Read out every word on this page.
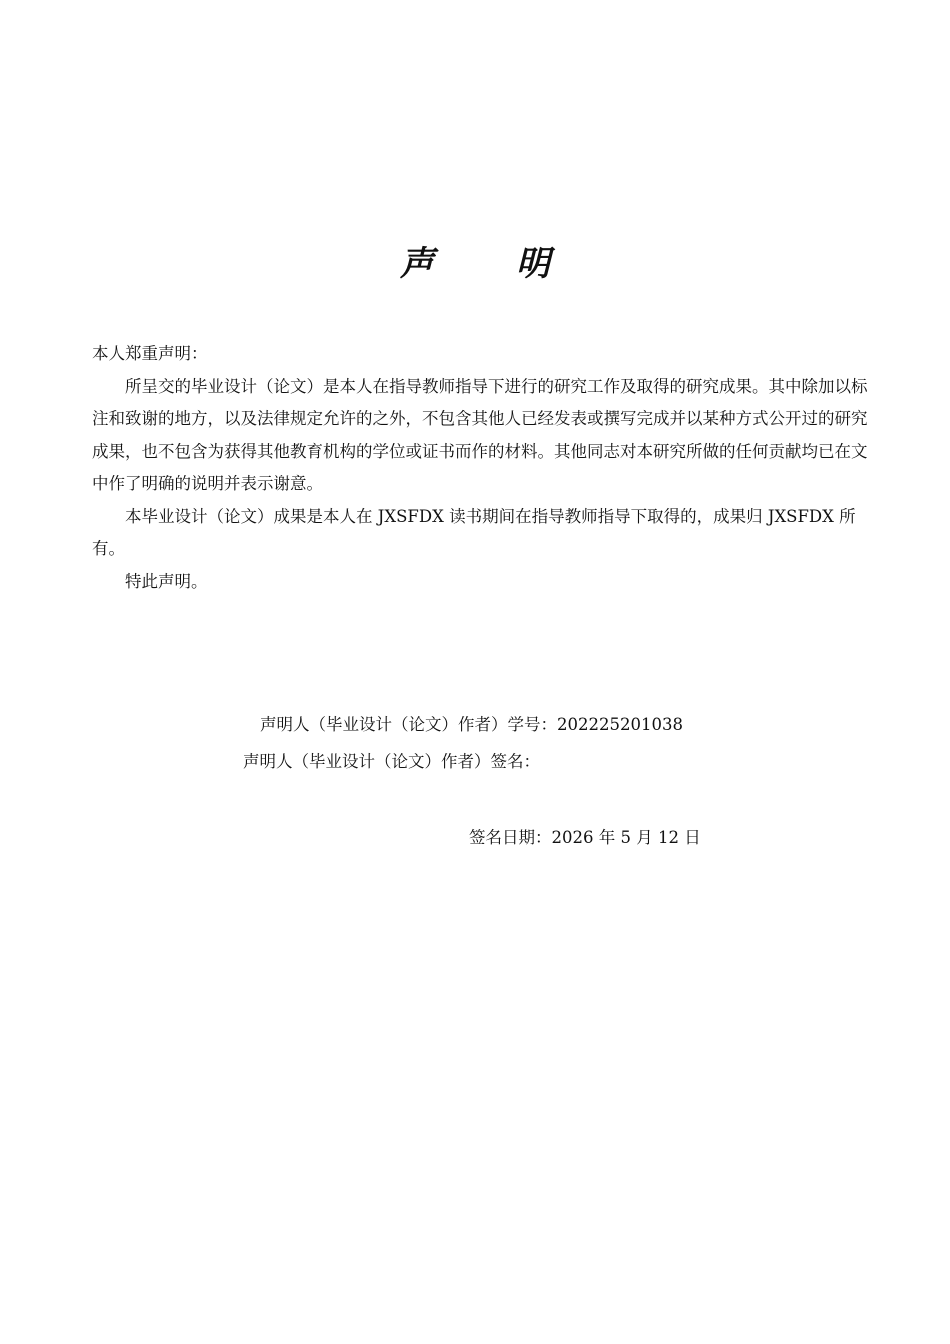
声 明

本人郑重声明：

所呈交的毕业设计（论文）是本人在指导教师指导下进行的研究工作及取得的研究成果。其中除加以标注和致谢的地方，以及法律规定允许的之外，不包含其他人已经发表或撰写完成并以某种方式公开过的研究成果，也不包含为获得其他教育机构的学位或证书而作的材料。其他同志对本研究所做的任何贡献均已在文中作了明确的说明并表示谢意。

本毕业设计（论文）成果是本人在 JXSFDX 读书期间在指导教师指导下取得的，成果归 JXSFDX 所有。

特此声明。

声明人（毕业设计（论文）作者）学号：202225201038
声明人（毕业设计（论文）作者）签名：
签名日期：2026 年 5 月 12 日
